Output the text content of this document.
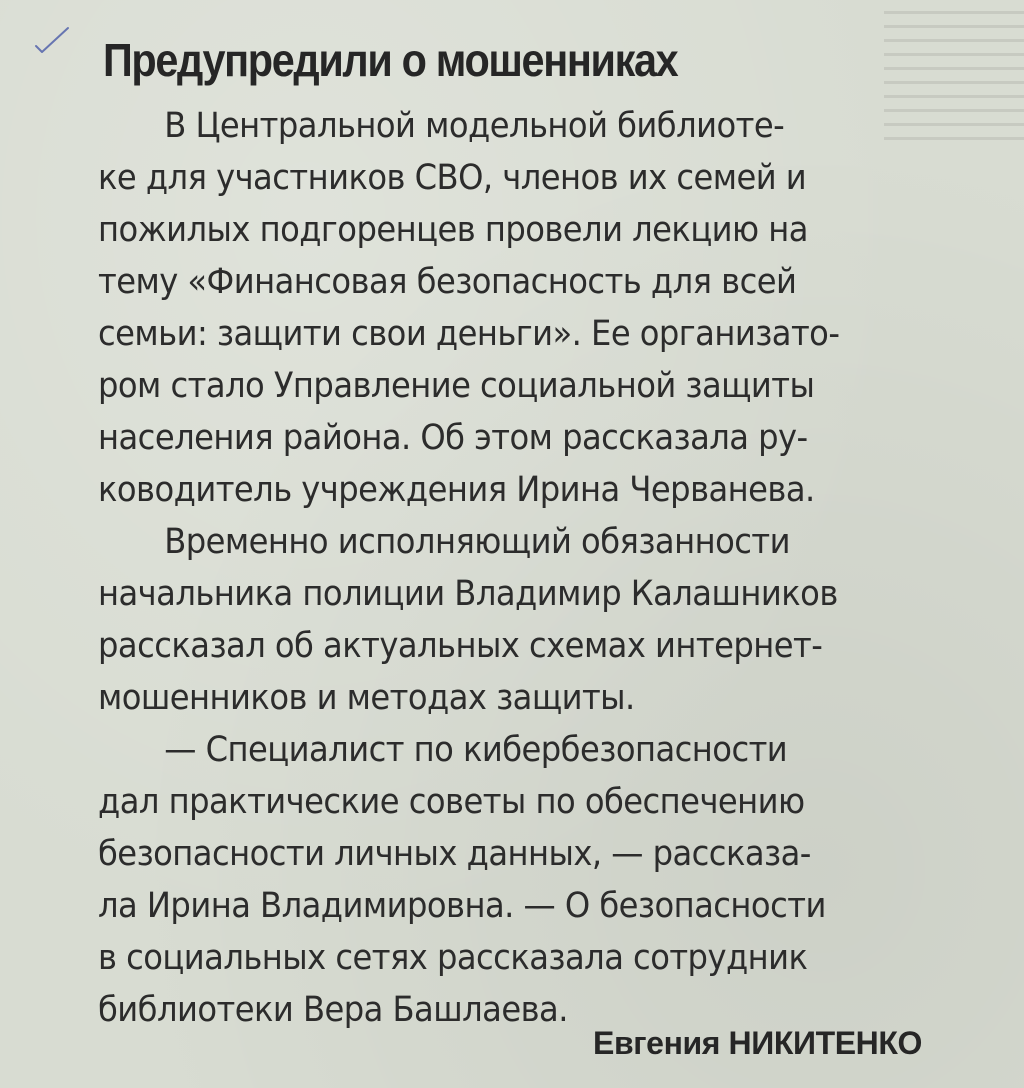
Предупредили о мошенниках
В Центральной модельной библиоте-
ке для участников СВО, членов их семей и
пожилых подгоренцев провели лекцию на
тему «Финансовая безопасность для всей
семьи: защити свои деньги». Ее организато-
ром стало Управление социальной защиты
населения района. Об этом рассказала ру-
ководитель учреждения Ирина Черванева.
Временно исполняющий обязанности
начальника полиции Владимир Калашников
рассказал об актуальных схемах интернет-
мошенников и методах защиты.
— Специалист по кибербезопасности
дал практические советы по обеспечению
безопасности личных данных, — рассказа-
ла Ирина Владимировна. — О безопасности
в социальных сетях рассказала сотрудник
библиотеки Вера Башлаева.
Евгения НИКИТЕНКО
